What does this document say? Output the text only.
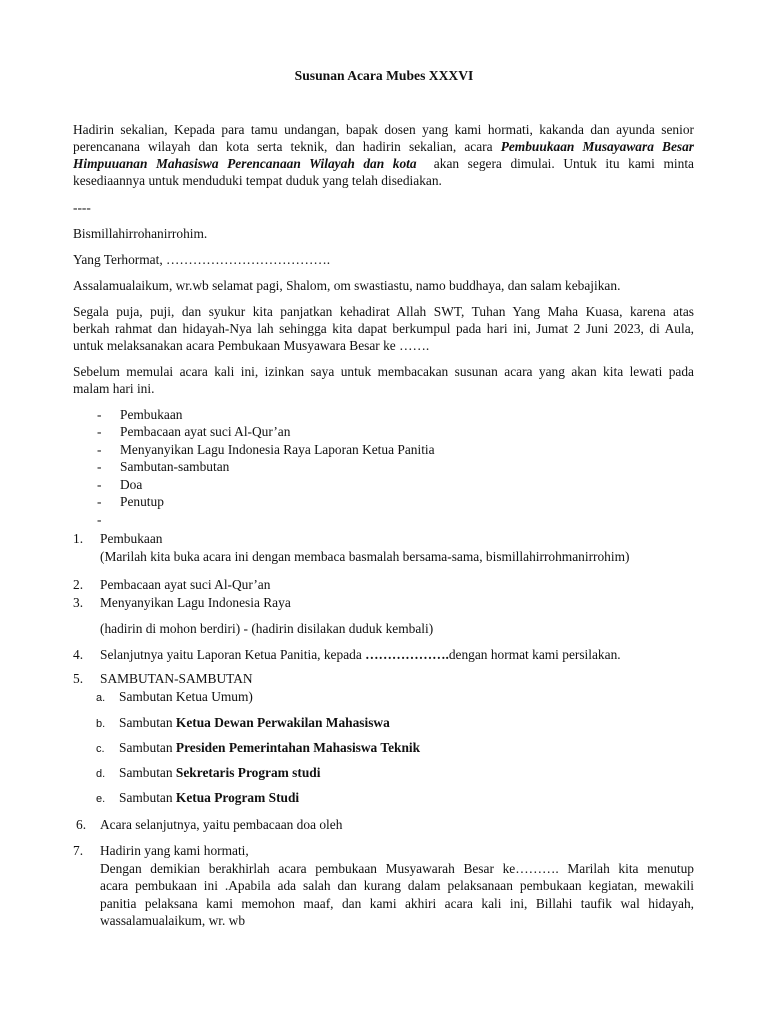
Susunan Acara Mubes XXXVI
Hadirin sekalian, Kepada para tamu undangan, bapak dosen yang kami hormati, kakanda dan ayunda senior
perencanana wilayah dan kota serta teknik, dan hadirin sekalian, acara Pembuukaan Musayawara Besar
Himpuuanan Mahasiswa Perencanaan Wilayah dan kota  akan segera dimulai. Untuk itu kami minta
kesediaannya untuk menduduki tempat duduk yang telah disediakan.
----
Bismillahirrohanirrohim.
Yang Terhormat, ……………………………….
Assalamualaikum, wr.wb selamat pagi, Shalom, om swastiastu, namo buddhaya, dan salam kebajikan.
Segala puja, puji, dan syukur kita panjatkan kehadirat Allah SWT, Tuhan Yang Maha Kuasa, karena atas
berkah rahmat dan hidayah-Nya lah sehingga kita dapat berkumpul pada hari ini, Jumat 2 Juni 2023, di Aula,
untuk melaksanakan acara Pembukaan Musyawara Besar ke …….
Sebelum memulai acara kali ini, izinkan saya untuk membacakan susunan acara yang akan kita lewati pada
malam hari ini.
-	Pembukaan
-	Pembacaan ayat suci Al-Qur’an
-	Menyanyikan Lagu Indonesia Raya Laporan Ketua Panitia
-	Sambutan-sambutan
-	Doa
-	Penutup
-
1.	Pembukaan
(Marilah kita buka acara ini dengan membaca basmalah bersama-sama, bismillahirrohmanirrohim)
2.	Pembacaan ayat suci Al-Qur’an
3.	Menyanyikan Lagu Indonesia Raya
(hadirin di mohon berdiri) - (hadirin disilakan duduk kembali)
4.	Selanjutnya yaitu Laporan Ketua Panitia, kepada ……………….dengan hormat kami persilakan.
5.	SAMBUTAN-SAMBUTAN
a.	Sambutan Ketua Umum)
b.	Sambutan Ketua Dewan Perwakilan Mahasiswa
c.	Sambutan Presiden Pemerintahan Mahasiswa Teknik
d.	Sambutan Sekretaris Program studi
e.	Sambutan Ketua Program Studi
6.	Acara selanjutnya, yaitu pembacaan doa oleh
7.	Hadirin yang kami hormati,
Dengan demikian berakhirlah acara pembukaan Musyawarah Besar ke………. Marilah kita menutup
acara pembukaan ini .Apabila ada salah dan kurang dalam pelaksanaan pembukaan kegiatan, mewakili
panitia pelaksana kami memohon maaf, dan kami akhiri acara kali ini, Billahi taufik wal hidayah,
wassalamualaikum, wr. wb
